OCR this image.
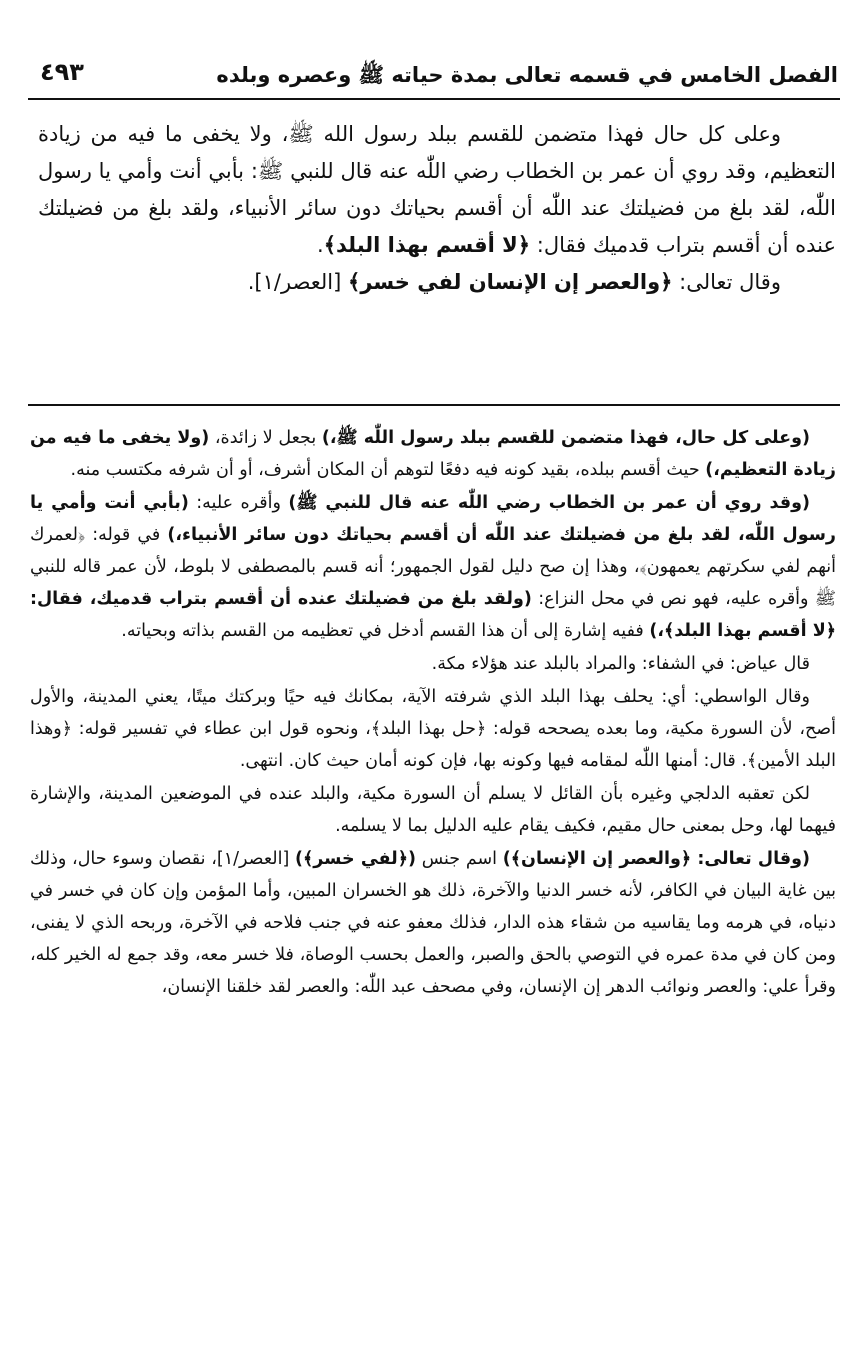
الفصل الخامس في قسمه تعالى بمدة حياته ﷺ وعصره وبلده
٤٩٣

وعلى كل حال فهذا متضمن للقسم ببلد رسول الله ﷺ، ولا يخفى ما فيه من زيادة التعظيم، وقد روي أن عمر بن الخطاب رضي اللّٰه عنه قال للنبي ﷺ: بأبي أنت وأمي يا رسول اللّٰه، لقد بلغ من فضيلتك عند اللّٰه أن أقسم بحياتك دون سائر الأنبياء، ولقد بلغ من فضيلتك عنده أن أقسم بتراب قدميك فقال: ﴿لا أقسم بهذا البلد﴾.

وقال تعالى: ﴿والعصر إن الإنسان لفي خسر﴾ [العصر/١].

(وعلى كل حال، فهذا متضمن للقسم ببلد رسول اللّٰه ﷺ،) بجعل لا زائدة، (ولا يخفى ما فيه من زيادة التعظيم،) حيث أقسم ببلده، بقيد كونه فيه دفعًا لتوهم أن المكان أشرف، أو أن شرفه مكتسب منه.

(وقد روي أن عمر بن الخطاب رضي اللّٰه عنه قال للنبي ﷺ) وأقره عليه: (بأبي أنت وأمي يا رسول اللّٰه، لقد بلغ من فضيلتك عند اللّٰه أن أقسم بحياتك دون سائر الأنبياء،) في قوله: ﴿لعمرك أنهم لفي سكرتهم يعمهون﴾، وهذا إن صح دليل لقول الجمهور؛ أنه قسم بالمصطفى لا بلوط، لأن عمر قاله للنبي ﷺ وأقره عليه، فهو نص في محل النزاع: (ولقد بلغ من فضيلتك عنده أن أقسم بتراب قدميك، فقال: ﴿لا أقسم بهذا البلد﴾،) ففيه إشارة إلى أن هذا القسم أدخل في تعظيمه من القسم بذاته وبحياته.

قال عياض: في الشفاء: والمراد بالبلد عند هؤلاء مكة.

وقال الواسطي: أي: يحلف بهذا البلد الذي شرفته الآية، بمكانك فيه حيًا وبركتك ميتًا، يعني المدينة، والأول أصح، لأن السورة مكية، وما بعده يصححه قوله: ﴿حل بهذا البلد﴾، ونحوه قول ابن عطاء في تفسير قوله: ﴿وهذا البلد الأمين﴾. قال: أمنها اللّٰه لمقامه فيها وكونه بها، فإن كونه أمان حيث كان. انتهى.

لكن تعقبه الدلجي وغيره بأن القائل لا يسلم أن السورة مكية، والبلد عنده في الموضعين المدينة، والإشارة فيهما لها، وحل بمعنى حال مقيم، فكيف يقام عليه الدليل بما لا يسلمه.

(وقال تعالى: ﴿والعصر إن الإنسان﴾) اسم جنس (﴿لفي خسر﴾) [العصر/١]، نقصان وسوء حال، وذلك بين غاية البيان في الكافر، لأنه خسر الدنيا والآخرة، ذلك هو الخسران المبين، وأما المؤمن وإن كان في خسر في دنياه، في هرمه وما يقاسيه من شقاء هذه الدار، فذلك معفو عنه في جنب فلاحه في الآخرة، وربحه الذي لا يفنى، ومن كان في مدة عمره في التوصي بالحق والصبر، والعمل بحسب الوصاة، فلا خسر معه، وقد جمع له الخير كله، وقرأ علي: والعصر ونوائب الدهر إن الإنسان، وفي مصحف عبد اللّٰه: والعصر لقد خلقنا الإنسان،
